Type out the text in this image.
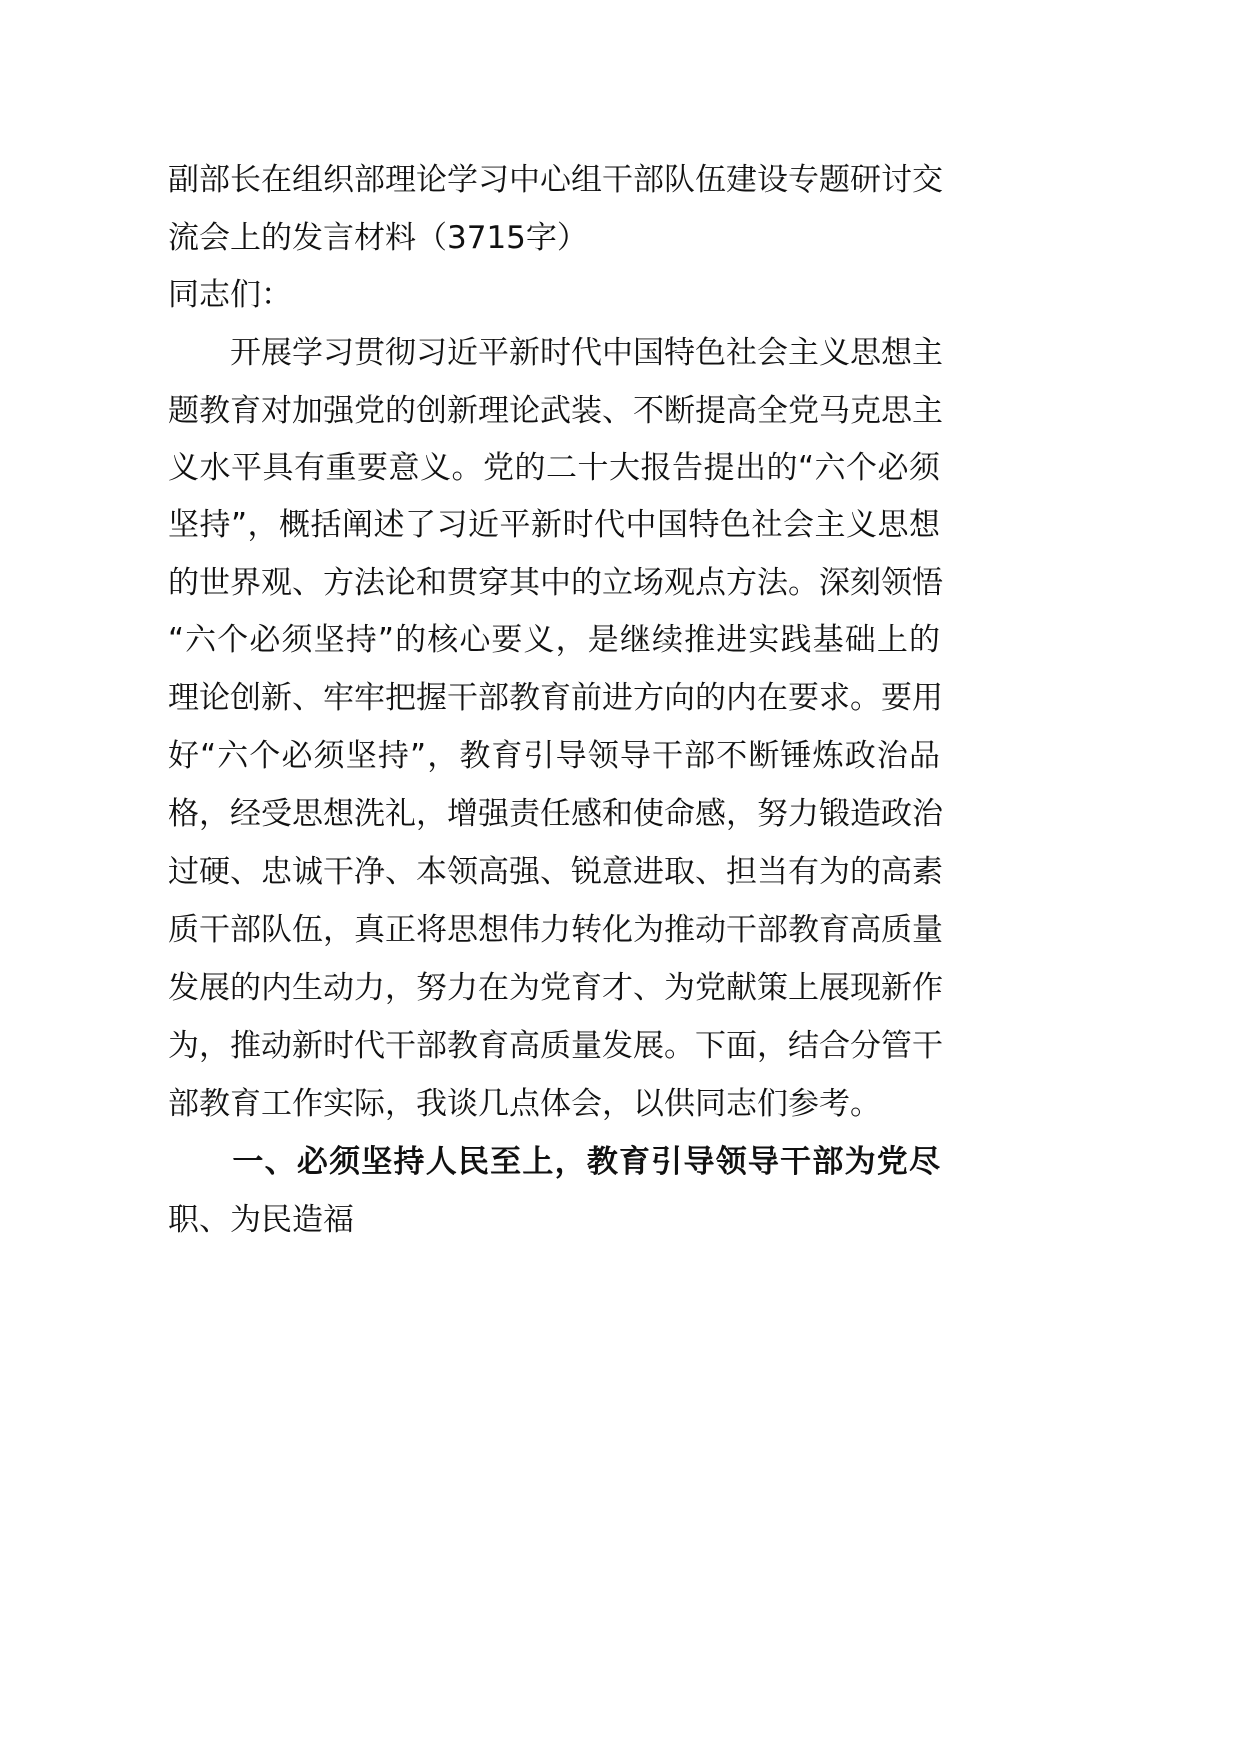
副部长在组织部理论学习中心组干部队伍建设专题研讨交
流会上的发言材料（3715字）
同志们：
　　开展学习贯彻习近平新时代中国特色社会主义思想主
题教育对加强党的创新理论武装、不断提高全党马克思主
义水平具有重要意义。党的二十大报告提出的“六个必须
坚持”，概括阐述了习近平新时代中国特色社会主义思想
的世界观、方法论和贯穿其中的立场观点方法。深刻领悟
“六个必须坚持”的核心要义，是继续推进实践基础上的
理论创新、牢牢把握干部教育前进方向的内在要求。要用
好“六个必须坚持”，教育引导领导干部不断锤炼政治品
格，经受思想洗礼，增强责任感和使命感，努力锻造政治
过硬、忠诚干净、本领高强、锐意进取、担当有为的高素
质干部队伍，真正将思想伟力转化为推动干部教育高质量
发展的内生动力，努力在为党育才、为党献策上展现新作
为，推动新时代干部教育高质量发展。下面，结合分管干
部教育工作实际，我谈几点体会，以供同志们参考。
　　一、必须坚持人民至上，教育引导领导干部为党尽
职、为民造福
